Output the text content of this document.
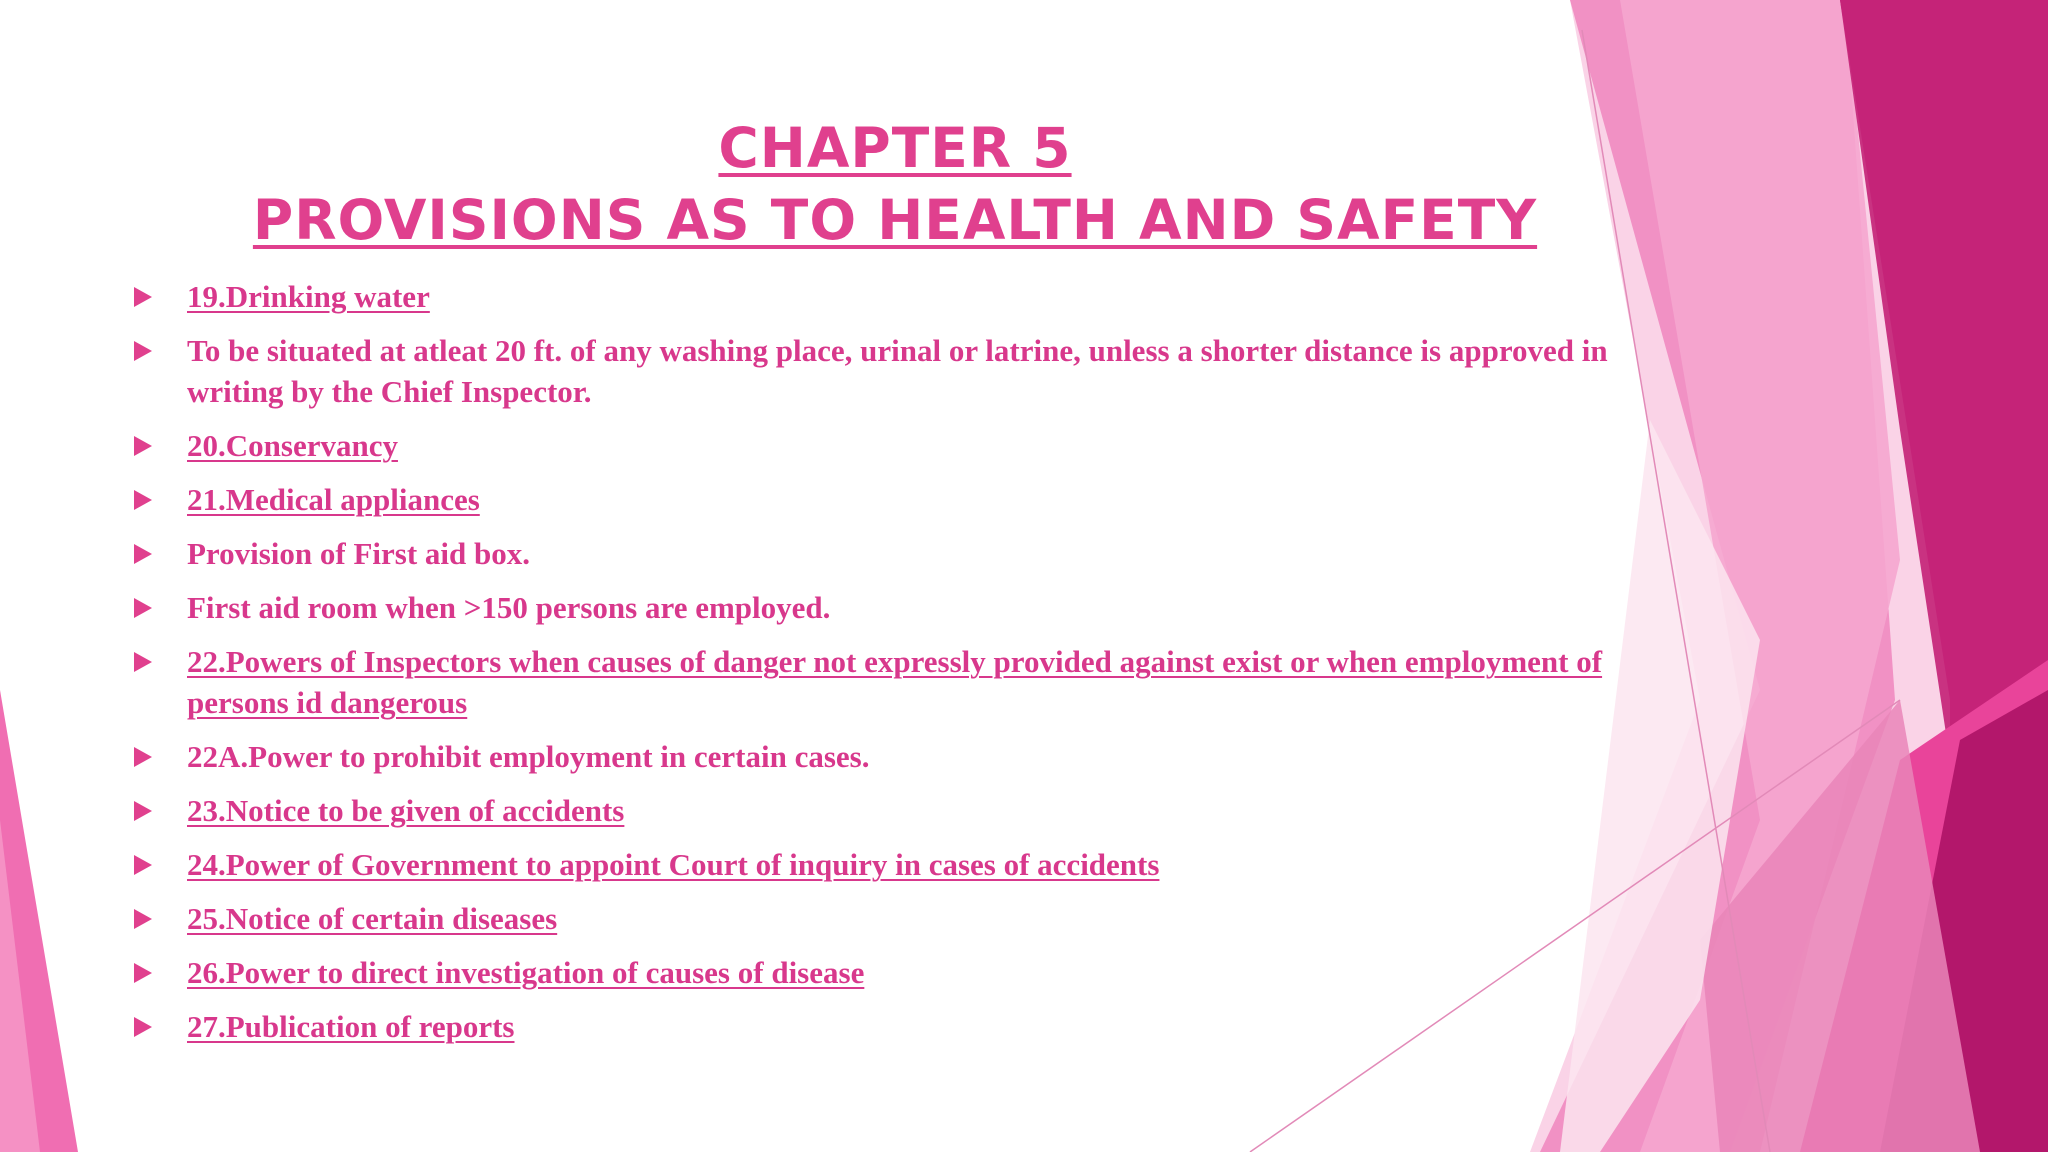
CHAPTER 5
PROVISIONS AS TO HEALTH AND SAFETY
19.Drinking water
To be situated at atleat 20 ft. of any washing place, urinal or latrine, unless a shorter distance is approved in writing by the Chief Inspector.
20.Conservancy
21.Medical appliances
Provision of First aid box.
First aid room when >150 persons are employed.
22.Powers of Inspectors when causes of danger not expressly provided against exist or when employment of persons id dangerous
22A.Power to prohibit employment in certain cases.
23.Notice to be given of accidents
24.Power of Government to appoint Court of inquiry in cases of accidents
25.Notice of certain diseases
26.Power to direct investigation of causes of disease
27.Publication of reports
